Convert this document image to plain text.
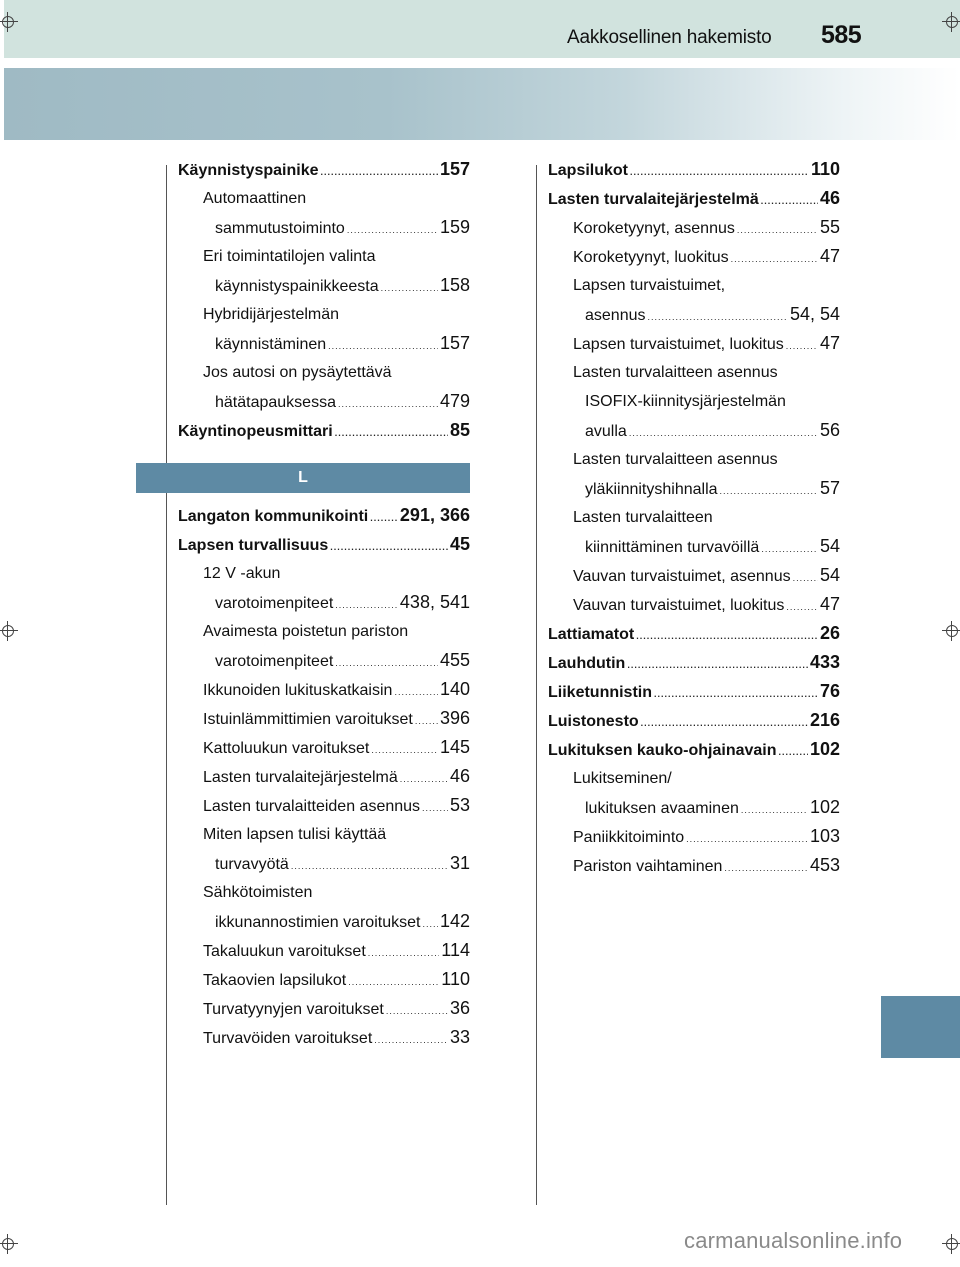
Aakkosellinen hakemisto 585
Käynnistyspainike .....	157
Automaattinen
sammutustoiminto .....	159
Eri toimintatilojen valinta
käynnistyspainikkeesta .....	158
Hybridijärjestelmän
käynnistäminen .....	157
Jos autosi on pysäytettävä
hätätapauksessa .....	479
Käyntinopeusmittari .....	85
L
Langaton kommunikointi ..... 291, 366
Lapsen turvallisuus .....	45
12 V -akun
varotoimenpiteet .....	438, 541
Avaimesta poistetun pariston
varotoimenpiteet .....	455
Ikkunoiden lukituskatkaisin .....	140
Istuinlämmittimien varoitukset ..... 396
Kattoluukun varoitukset .....	145
Lasten turvalaitejärjestelmä .....	46
Lasten turvalaitteiden asennus ..... 53
Miten lapsen tulisi käyttää
turvavyötä .....	31
Sähkötoimisten
ikkunannostimien varoitukset ..... 142
Takaluukun varoitukset .....	114
Takaovien lapsilukot .....	110
Turvatyynyjen varoitukset .....	36
Turvavöiden varoitukset .....	33
Lapsilukot .....	110
Lasten turvalaitejärjestelmä .....	46
Koroketyynyt, asennus .....	55
Koroketyynyt, luokitus .....	47
Lapsen turvaistuimet,
asennus .....	54, 54
Lapsen turvaistuimet, luokitus ..... 47
Lasten turvalaitteen asennus
ISOFIX-kiinnitysjärjestelmän
avulla .....	56
Lasten turvalaitteen asennus
yläkiinnityshihnalla .....	57
Lasten turvalaitteen
kiinnittäminen turvavöillä .....	54
Vauvan turvaistuimet, asennus ..... 54
Vauvan turvaistuimet, luokitus ..... 47
Lattiamatot .....	26
Lauhdutin .....	433
Liiketunnistin .....	76
Luistonesto .....	216
Lukituksen kauko-ohjainavain ..... 102
Lukitseminen/
lukituksen avaaminen .....	102
Paniikkitoiminto .....	103
Pariston vaihtaminen .....	453
carmanualsonline.info
